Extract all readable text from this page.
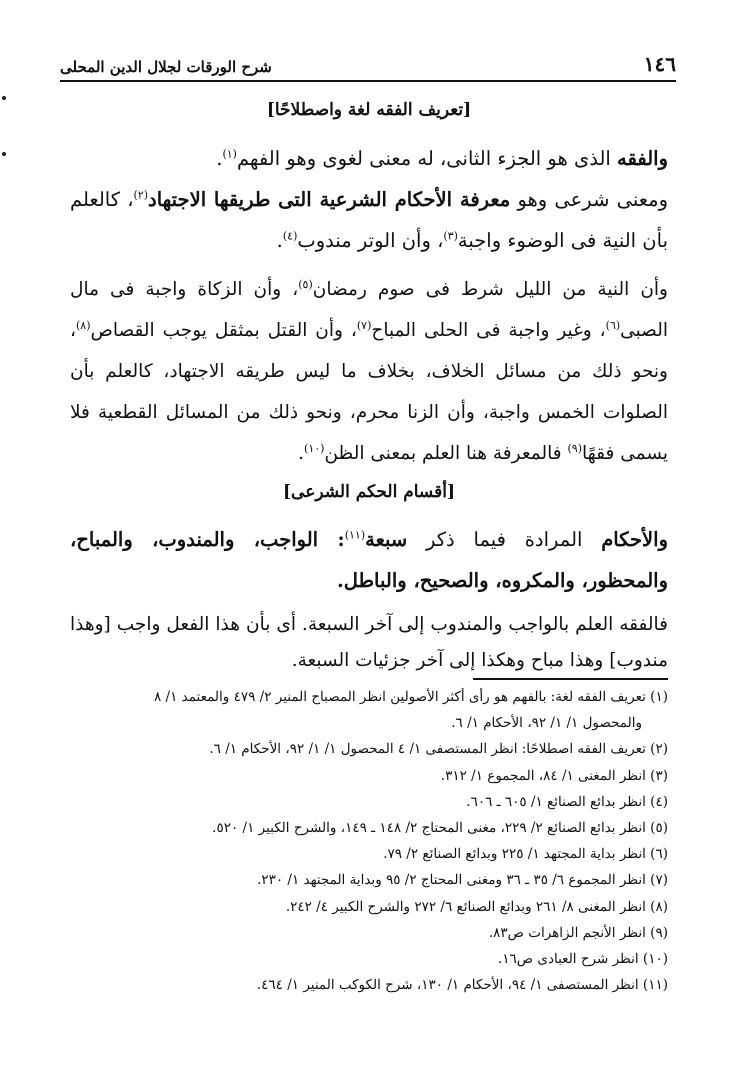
١٤٦
شرح الورقات لجلال الدين المحلى
[تعريف الفقه لغة واصطلاحًا]

والفقه الذى هو الجزء الثانى، له معنى لغوى وهو الفهم$^{(١)}$.

ومعنى شرعى وهو معرفة الأحكام الشرعية التى طريقها الاجتهاد$^{(٢)}$، كالعلم بأن النية فى الوضوء واجبة$^{(٣)}$، وأن الوتر مندوب$^{(٤)}$.

وأن النية من الليل شرط فى صوم رمضان$^{(٥)}$، وأن الزكاة واجبة فى مال الصبى$^{(٦)}$، وغير واجبة فى الحلى المباح$^{(٧)}$، وأن القتل بمثقل يوجب القصاص$^{(٨)}$، ونحو ذلك من مسائل الخلاف، بخلاف ما ليس طريقه الاجتهاد، كالعلم بأن الصلوات الخمس واجبة، وأن الزنا محرم، ونحو ذلك من المسائل القطعية فلا يسمى فقهًا$^{(٩)}$ فالمعرفة هنا العلم بمعنى الظن$^{(١٠)}$.

[أقسام الحكم الشرعى]

والأحكام المرادة فيما ذكر سبعة$^{(١١)}$: الواجب، والمندوب، والمباح، والمحظور، والمكروه، والصحيح، والباطل.

فالفقه العلم بالواجب والمندوب إلى آخر السبعة. أى بأن هذا الفعل واجب [وهذا مندوب] وهذا مباح وهكذا إلى آخر جزئيات السبعة.

(١) تعريف الفقه لغة: بالفهم هو رأى أكثر الأصولين انظر المصباح المنير ٢/ ٤٧٩ والمعتمد ١/ ٨

والمحصول ١/ ١/ ٩٢، الأحكام ١/ ٦.

(٢) تعريف الفقه اصطلاحًا: انظر المستصفى ١/ ٤ المحصول ١/ ١/ ٩٢، الأحكام ١/ ٦.

(٣) انظر المغنى ١/ ٨٤، المجموع ١/ ٣١٢.

(٤) انظر بدائع الصنائع ١/ ٦٠٥ ـ ٦٠٦.

(٥) انظر بدائع الصنائع ٢/ ٢٢٩، مغنى المحتاج ٢/ ١٤٨ ـ ١٤٩، والشرح الكبير ١/ ٥٢٠.

(٦) انظر بداية المجتهد ١/ ٢٢٥ وبدائع الصنائع ٢/ ٧٩.

(٧) انظر المجموع ٦/ ٣٥ ـ ٣٦ ومغنى المحتاج ٢/ ٩٥ وبداية المجتهد ١/ ٢٣٠.

(٨) انظر المغنى ٨/ ٢٦١ وبدائع الصنائع ٦/ ٢٧٢ والشرح الكبير ٤/ ٢٤٢.

(٩) انظر الأنجم الزاهرات ص٨٣.

(١٠) انظر شرح العبادى ص١٦.

(١١) انظر المستصفى ١/ ٩٤، الأحكام ١/ ١٣٠، شرح الكوكب المنير ١/ ٤٦٤.
